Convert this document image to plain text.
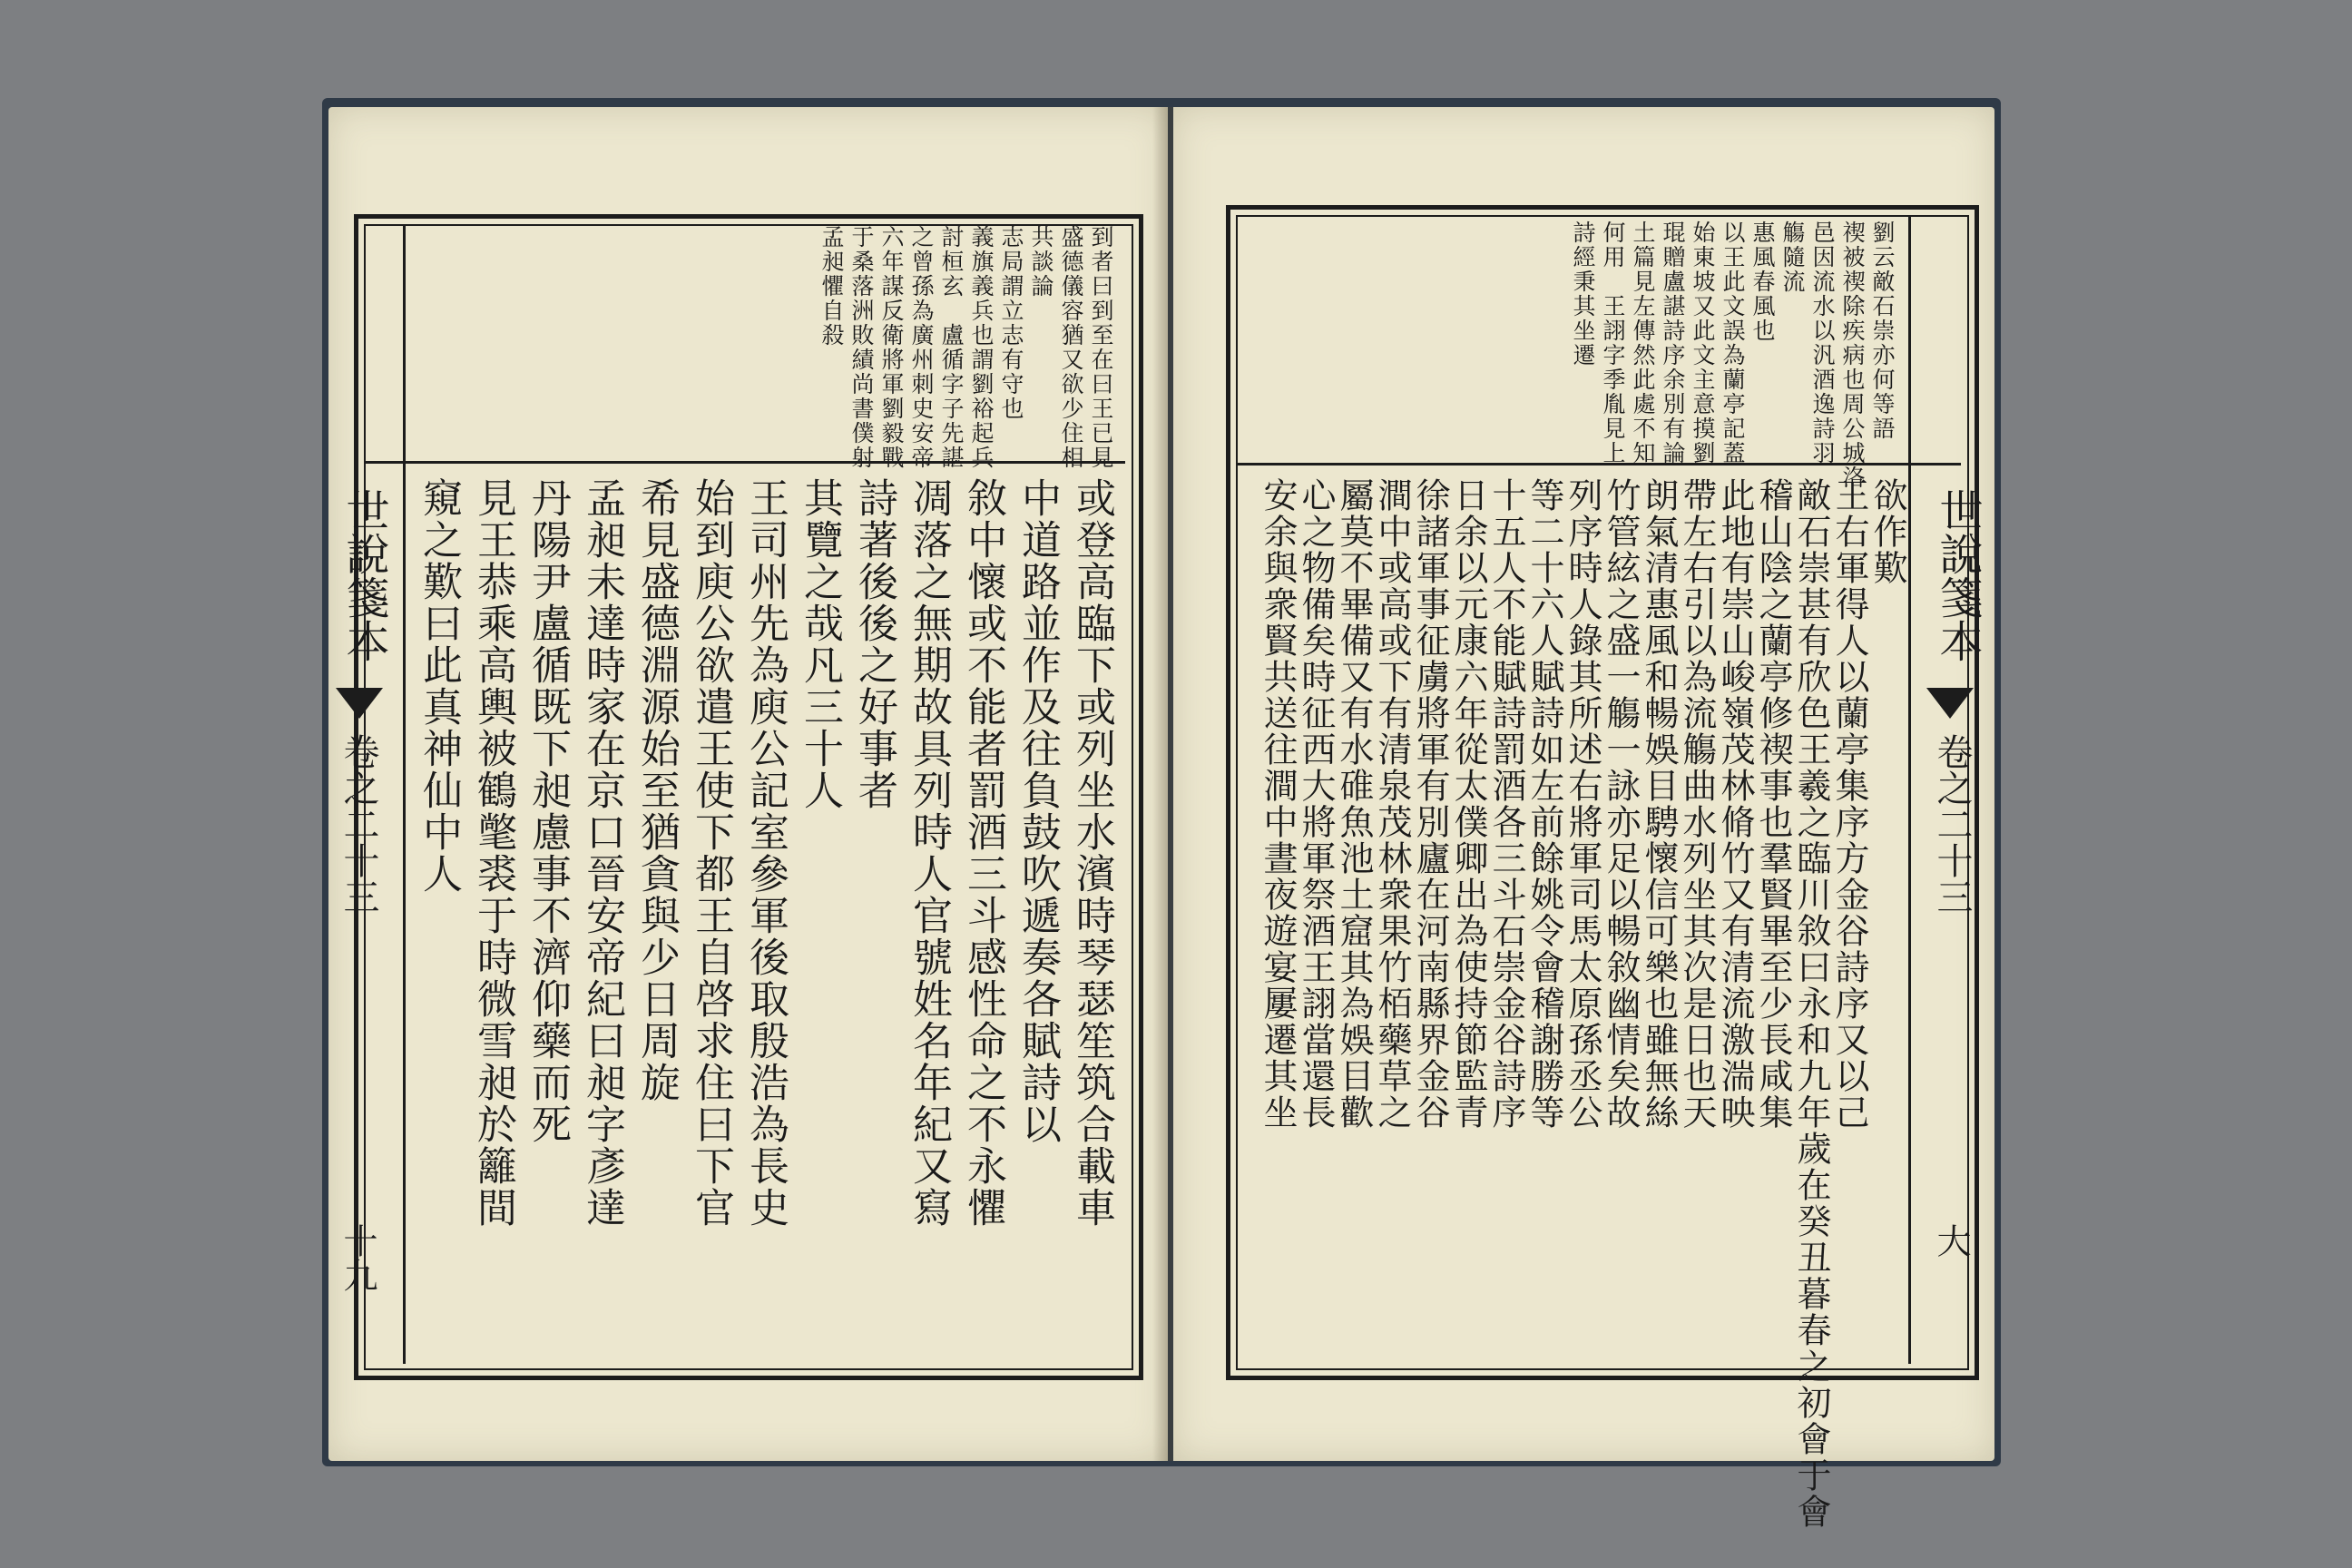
世說箋本
卷之二十三
十九
到者曰到至在曰王已見
盛德儀容猶又欲少住相
共談論
志局謂立志有守也
義旗義兵也謂劉裕起兵
討桓玄　盧循字子先諶
之曾孫為廣州刺史安帝
六年謀反衛將軍劉毅戰
于桑落洲敗績尚書僕射
孟昶懼自殺
或登高臨下或列坐水濱時琴瑟笙筑合載車
中道路並作及往負鼓吹遞奏各賦詩以
敘中懷或不能者罰酒三斗感性命之不永懼
凋落之無期故具列時人官號姓名年紀又寫
詩著後後之好事者
其覽之哉凡三十人
王司州先為庾公記室參軍後取殷浩為長史
始到庾公欲遣王使下都王自啓求住曰下官
希見盛德淵源始至猶貪與少日周旋
孟昶未達時家在京口晉安帝紀曰昶字彥達
丹陽尹盧循既下昶慮事不濟仰藥而死
見王恭乘高輿被鶴氅裘于時微雪昶於籬間
窺之歎曰此真神仙中人	世說箋本
卷之二十三
大
劉云敵石崇亦何等語
禊被禊除疾病也周公城洛
邑因流水以汎酒逸詩羽
觴隨流
惠風春風也
以王此文誤為蘭亭記蓋
始東坡又此文主意摸劉
琨贈盧諶詩序余別有論
土篇見左傳然此處不知
何用　王詡字季胤見上
詩經秉其坐遷
欲作歎
王右軍得人以蘭亭集序方金谷詩序又以己
敵石崇甚有欣色王羲之臨川敘曰永和九年歲在癸丑暮春之初會于會
稽山陰之蘭亭修禊事也羣賢畢至少長咸集
此地有崇山峻嶺茂林脩竹又有清流激湍映
帶左右引以為流觴曲水列坐其次是日也天
朗氣清惠風和暢娛目騁懷信可樂也雖無絲
竹管絃之盛一觴一詠亦足以暢敘幽情矣故
列序時人錄其所述右將軍司馬太原孫丞公
等二十六人賦詩如左前餘姚令會稽謝勝等
十五人不能賦詩罰酒各三斗石崇金谷詩序
日余以元康六年從太僕卿出為使持節監青
徐諸軍事征虜將軍有別廬在河南縣界金谷
澗中或高或下有清泉茂林衆果竹栢藥草之
屬莫不畢備又有水碓魚池土窟其為娛目歡
心之物備矣時征西大將軍祭酒王詡當還長
安余與衆賢共送往澗中晝夜遊宴屢遷其坐
